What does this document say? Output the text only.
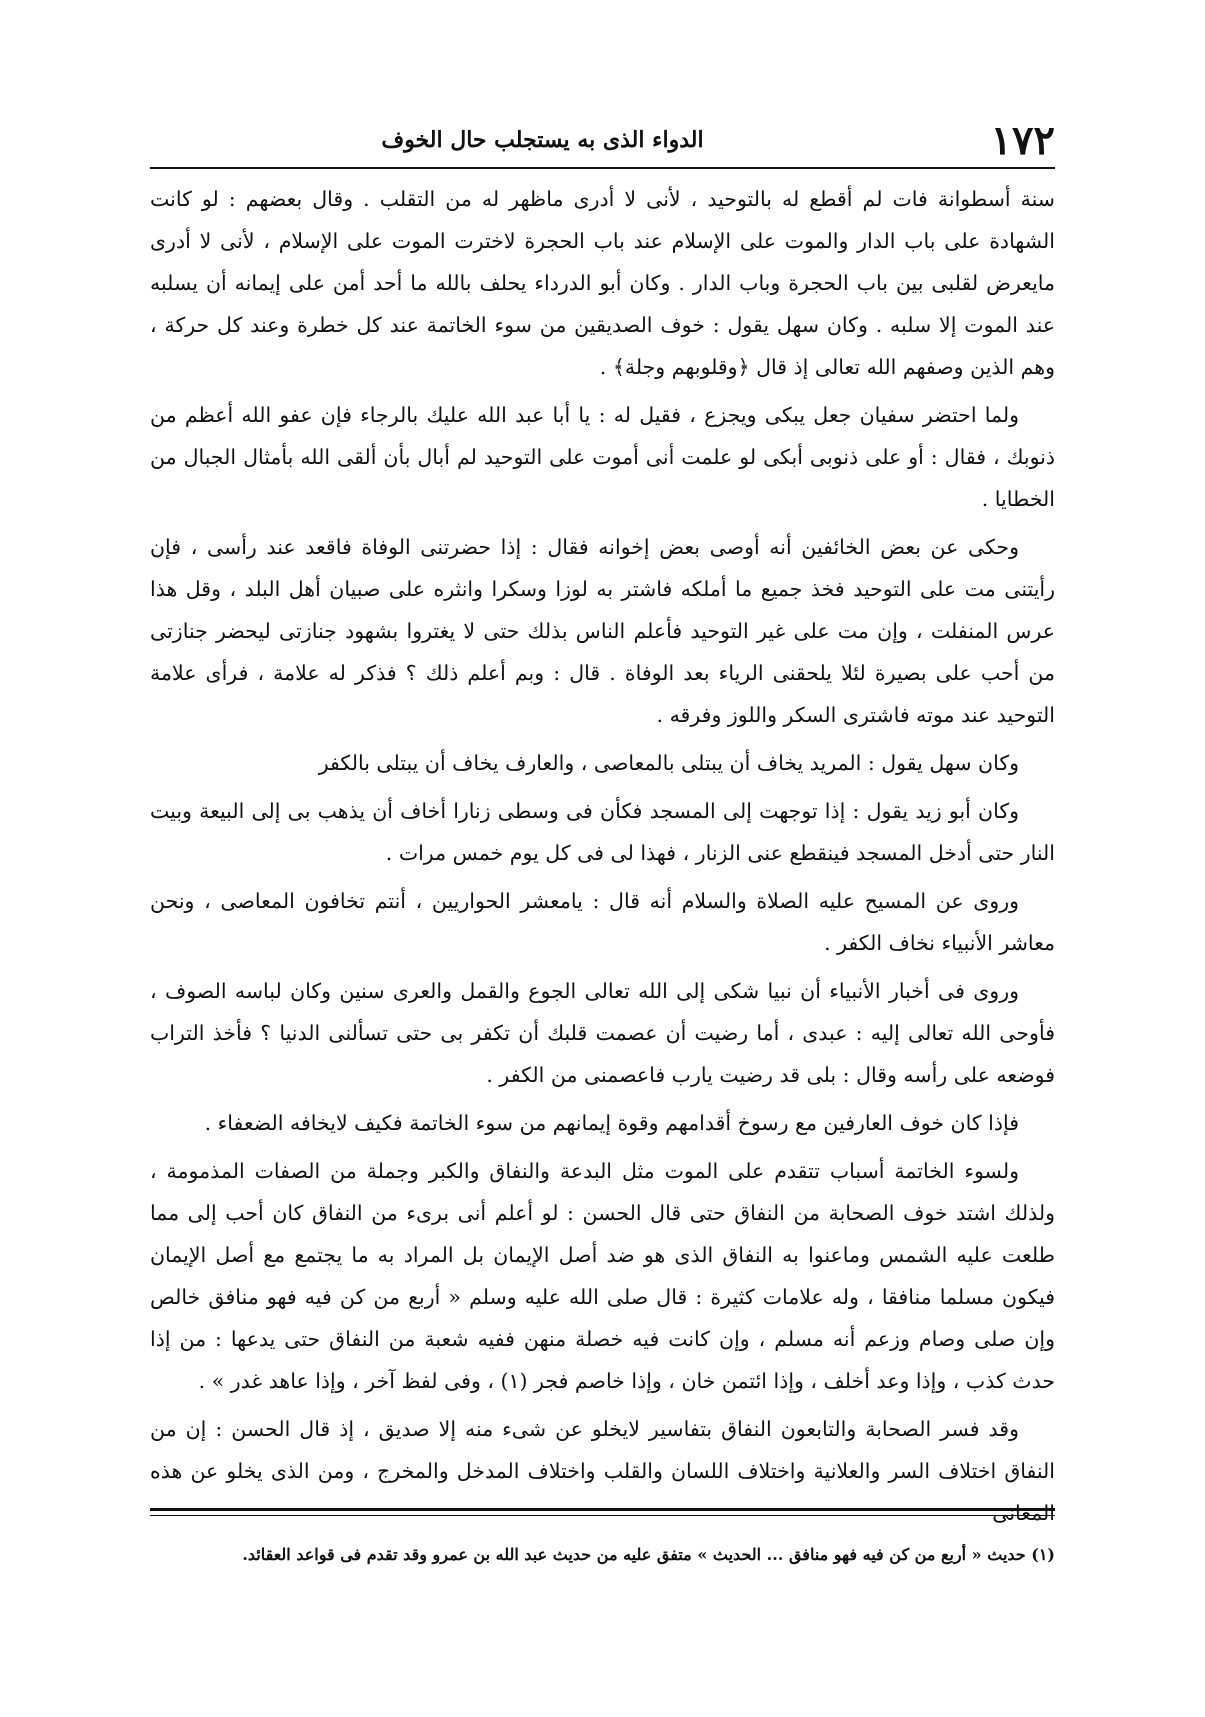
١٧٢
الدواء الذى به يستجلب حال الخوف

سنة أسطوانة فات لم أقطع له بالتوحيد ، لأنى لا أدرى ماظهر له من التقلب . وقال بعضهم : لو كانت الشهادة على باب الدار والموت على الإسلام عند باب الحجرة لاخترت الموت على الإسلام ، لأنى لا أدرى مايعرض لقلبى بين باب الحجرة وباب الدار . وكان أبو الدرداء يحلف بالله ما أحد أمن على إيمانه أن يسلبه عند الموت إلا سلبه . وكان سهل يقول : خوف الصديقين من سوء الخاتمة عند كل خطرة وعند كل حركة ، وهم الذين وصفهم الله تعالى إذ قال ﴿وقلوبهم وجلة﴾ .

ولما احتضر سفيان جعل يبكى ويجزع ، فقيل له : يا أبا عبد الله عليك بالرجاء فإن عفو الله أعظم من ذنوبك ، فقال : أو على ذنوبى أبكى لو علمت أنى أموت على التوحيد لم أبال بأن ألقى الله بأمثال الجبال من الخطايا .

وحكى عن بعض الخائفين أنه أوصى بعض إخوانه فقال : إذا حضرتنى الوفاة فاقعد عند رأسى ، فإن رأيتنى مت على التوحيد فخذ جميع ما أملكه فاشتر به لوزا وسكرا وانثره على صبيان أهل البلد ، وقل هذا عرس المنفلت ، وإن مت على غير التوحيد فأعلم الناس بذلك حتى لا يغتروا بشهود جنازتى ليحضر جنازتى من أحب على بصيرة لئلا يلحقنى الرياء بعد الوفاة . قال : وبم أعلم ذلك ؟ فذكر له علامة ، فرأى علامة التوحيد عند موته فاشترى السكر واللوز وفرقه .

وكان سهل يقول : المريد يخاف أن يبتلى بالمعاصى ، والعارف يخاف أن يبتلى بالكفر

وكان أبو زيد يقول : إذا توجهت إلى المسجد فكأن فى وسطى زنارا أخاف أن يذهب بى إلى البيعة وبيت النار حتى أدخل المسجد فينقطع عنى الزنار ، فهذا لى فى كل يوم خمس مرات .

وروى عن المسيح عليه الصلاة والسلام أنه قال : يامعشر الحواريين ، أنتم تخافون المعاصى ، ونحن معاشر الأنبياء نخاف الكفر .

وروى فى أخبار الأنبياء أن نبيا شكى إلى الله تعالى الجوع والقمل والعرى سنين وكان لباسه الصوف ، فأوحى الله تعالى إليه : عبدى ، أما رضيت أن عصمت قلبك أن تكفر بى حتى تسألنى الدنيا ؟ فأخذ التراب فوضعه على رأسه وقال : بلى قد رضيت يارب فاعصمنى من الكفر .

فإذا كان خوف العارفين مع رسوخ أقدامهم وقوة إيمانهم من سوء الخاتمة فكيف لايخافه الضعفاء .

ولسوء الخاتمة أسباب تتقدم على الموت مثل البدعة والنفاق والكبر وجملة من الصفات المذمومة ، ولذلك اشتد خوف الصحابة من النفاق حتى قال الحسن : لو أعلم أنى برىء من النفاق كان أحب إلى مما طلعت عليه الشمس وماعنوا به النفاق الذى هو ضد أصل الإيمان بل المراد به ما يجتمع مع أصل الإيمان فيكون مسلما منافقا ، وله علامات كثيرة : قال صلى الله عليه وسلم « أربع من كن فيه فهو منافق خالص وإن صلى وصام وزعم أنه مسلم ، وإن كانت فيه خصلة منهن ففيه شعبة من النفاق حتى يدعها : من إذا حدث كذب ، وإذا وعد أخلف ، وإذا ائتمن خان ، وإذا خاصم فجر (١) ، وفى لفظ آخر ، وإذا عاهد غدر » .

وقد فسر الصحابة والتابعون النفاق بتفاسير لايخلو عن شىء منه إلا صديق ، إذ قال الحسن : إن من النفاق اختلاف السر والعلانية واختلاف اللسان والقلب واختلاف المدخل والمخرج ، ومن الذى يخلو عن هذه المعانى

(١) حديث « أربع من كن فيه فهو منافق ... الحديث » متفق عليه من حديث عبد الله بن عمرو وقد تقدم فى قواعد العقائد.
